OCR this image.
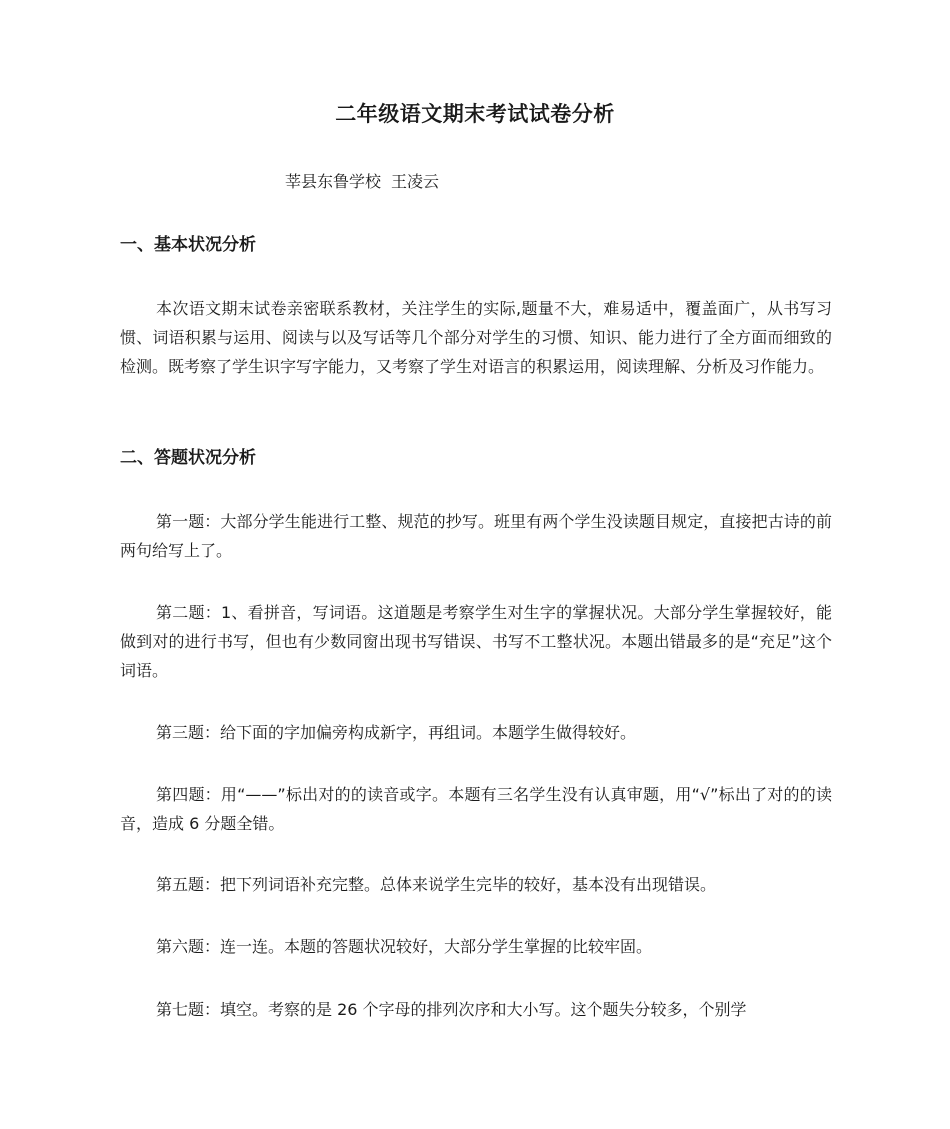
二年级语文期末考试试卷分析
莘县东鲁学校 王凌云
一、基本状况分析

本次语文期末试卷亲密联系教材，关注学生的实际,题量不大，难易适中，覆盖面广，从书写习惯、词语积累与运用、阅读与以及写话等几个部分对学生的习惯、知识、能力进行了全方面而细致的检测。既考察了学生识字写字能力，又考察了学生对语言的积累运用，阅读理解、分析及习作能力。

二、答题状况分析

第一题：大部分学生能进行工整、规范的抄写。班里有两个学生没读题目规定，直接把古诗的前两句给写上了。

第二题：1、看拼音，写词语。这道题是考察学生对生字的掌握状况。大部分学生掌握较好，能做到对的进行书写，但也有少数同窗出现书写错误、书写不工整状况。本题出错最多的是“充足”这个词语。

第三题：给下面的字加偏旁构成新字，再组词。本题学生做得较好。

第四题：用“——”标出对的的读音或字。本题有三名学生没有认真审题，用“√”标出了对的的读音，造成 6 分题全错。

第五题：把下列词语补充完整。总体来说学生完毕的较好，基本没有出现错误。

第六题：连一连。本题的答题状况较好，大部分学生掌握的比较牢固。

第七题：填空。考察的是 26 个字母的排列次序和大小写。这个题失分较多，个别学
